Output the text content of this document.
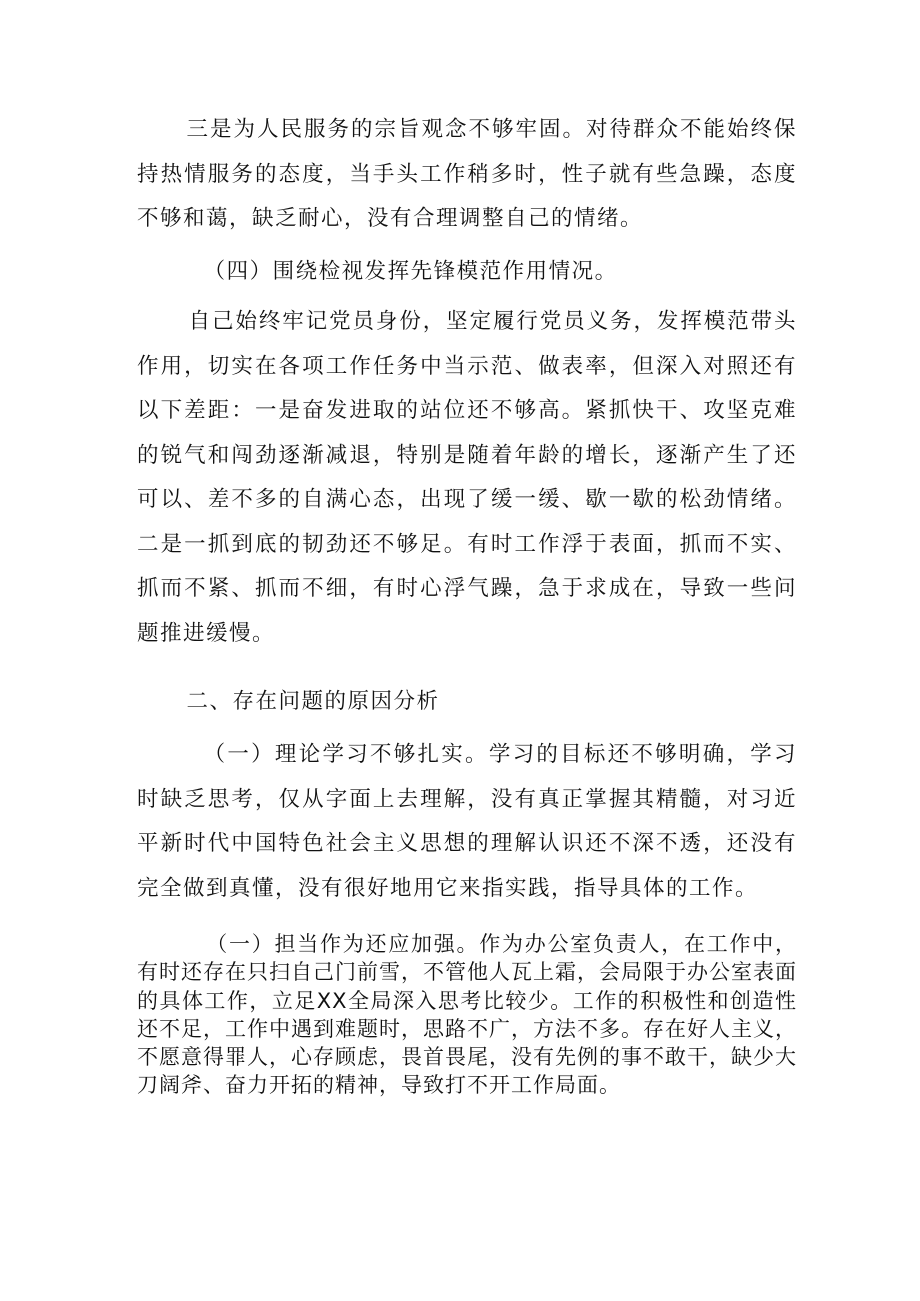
三是为人民服务的宗旨观念不够牢固。对待群众不能始终保持热情服务的态度，当手头工作稍多时，性子就有些急躁，态度不够和蔼，缺乏耐心，没有合理调整自己的情绪。

（四）围绕检视发挥先锋模范作用情况。

自己始终牢记党员身份，坚定履行党员义务，发挥模范带头作用，切实在各项工作任务中当示范、做表率，但深入对照还有以下差距：一是奋发进取的站位还不够高。紧抓快干、攻坚克难的锐气和闯劲逐渐减退，特别是随着年龄的增长，逐渐产生了还可以、差不多的自满心态，出现了缓一缓、歇一歇的松劲情绪。二是一抓到底的韧劲还不够足。有时工作浮于表面，抓而不实、抓而不紧、抓而不细，有时心浮气躁，急于求成在，导致一些问题推进缓慢。

二、存在问题的原因分析

（一）理论学习不够扎实。学习的目标还不够明确，学习时缺乏思考，仅从字面上去理解，没有真正掌握其精髓，对习近平新时代中国特色社会主义思想的理解认识还不深不透，还没有完全做到真懂，没有很好地用它来指实践，指导具体的工作。

（一）担当作为还应加强。作为办公室负责人，在工作中，有时还存在只扫自己门前雪，不管他人瓦上霜，会局限于办公室表面的具体工作，立足XX全局深入思考比较少。工作的积极性和创造性还不足，工作中遇到难题时，思路不广，方法不多。存在好人主义，不愿意得罪人，心存顾虑，畏首畏尾，没有先例的事不敢干，缺少大刀阔斧、奋力开拓的精神，导致打不开工作局面。
